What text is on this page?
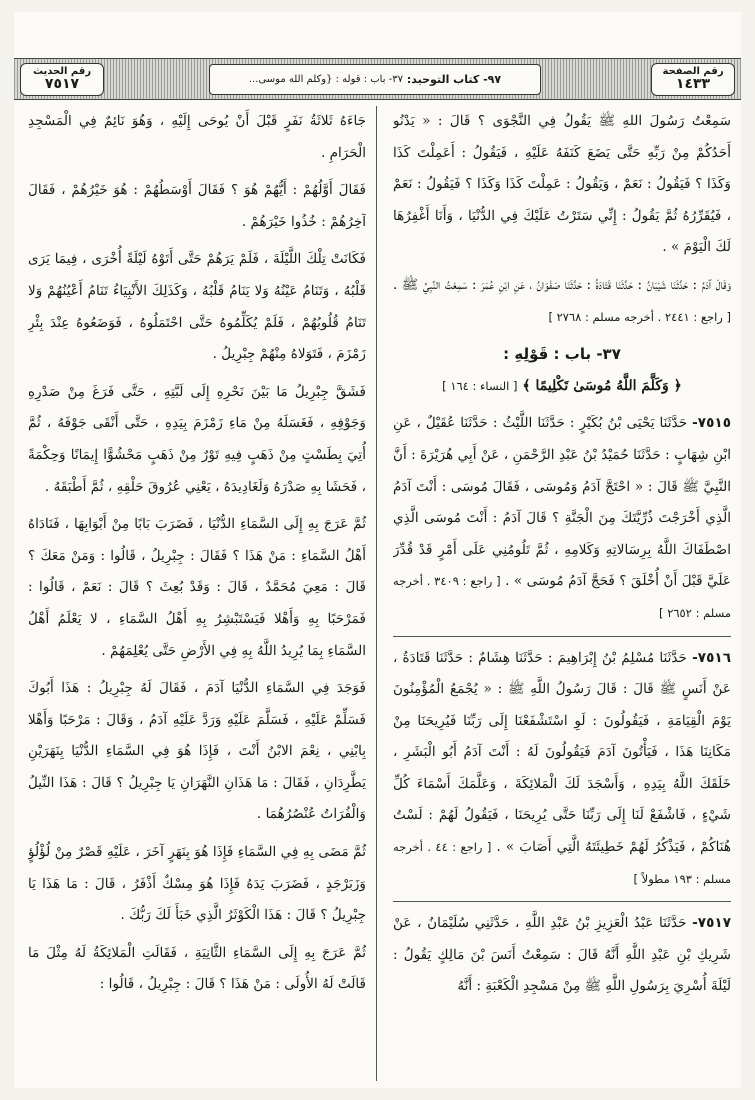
رقم الصفحة
١٤٣٣
٩٧- كتاب التوحيد:

٣٧- باب : قوله : {وكلم الله موسى...
رقم الحديث
٧٥١٧

سَمِعْتُ رَسُولَ اللهِ ﷺ يَقُولُ فِي النَّجْوَى ؟ قَالَ : « يَدْنُو أَحَدُكُمْ مِنْ رَبِّهِ حَتَّى يَضَعَ كَنَفَهُ عَلَيْهِ ، فَيَقُولُ : أَعَمِلْتَ كَذَا وَكَذَا ؟ فَيَقُولُ : نَعَمْ ، وَيَقُولُ : عَمِلْتَ كَذَا وَكَذَا ؟ فَيَقُولُ : نَعَمْ ، فَيُقَرِّرُهُ ثُمَّ يَقُولُ : إِنِّي سَتَرْتُ عَلَيْكَ فِي الدُّنْيَا ، وَأَنَا أَغْفِرُهَا لَكَ الْيَوْمَ » .

وَقَالَ آدَمُ : حَدَّثَنَا شَيْبَانُ : حَدَّثَنَا قَتَادَةُ : حَدَّثَنَا صَفْوَانُ ، عَنِ ابْنِ عُمَرَ : سَمِعْتُ النَّبِيَّ ﷺ . [ راجع : ٢٤٤١ . أخرجه مسلم : ٢٧٦٨ ]

٣٧- باب : قَوْلِهِ :
﴿ وَكَلَّمَ اللَّهُ مُوسَىٰ تَكْلِيمًا ﴾ [ النساء : ١٦٤ ]

٧٥١٥- حَدَّثَنَا يَحْيَى بْنُ بُكَيْرٍ : حَدَّثَنَا اللَّيْثُ : حَدَّثَنَا عُقَيْلٌ ، عَنِ ابْنِ شِهَابٍ : حَدَّثَنَا حُمَيْدُ بْنُ عَبْدِ الرَّحْمَنِ ، عَنْ أَبِي هُرَيْرَةَ : أَنَّ النَّبِيَّ ﷺ قَالَ : « احْتَجَّ آدَمُ وَمُوسَى ، فَقَالَ مُوسَى : أَنْتَ آدَمُ الَّذِي أَخْرَجْتَ ذُرِّيَّتَكَ مِنَ الْجَنَّةِ ؟ قَالَ آدَمُ : أَنْتَ مُوسَى الَّذِي اصْطَفَاكَ اللَّهُ بِرِسَالاتِهِ وَكَلامِهِ ، ثُمَّ تَلُومُنِي عَلَى أَمْرٍ قَدْ قُدِّرَ عَلَيَّ قَبْلَ أَنْ أُخْلَقَ ؟ فَحَجَّ آدَمُ مُوسَى » . [ راجع : ٣٤٠٩ . أخرجه مسلم : ٢٦٥٢ ]

٧٥١٦- حَدَّثَنَا مُسْلِمُ بْنُ إِبْرَاهِيمَ : حَدَّثَنَا هِشَامٌ : حَدَّثَنَا قَتَادَةُ ، عَنْ أَنَسٍ ﷺ قَالَ : قَالَ رَسُولُ اللَّهِ ﷺ : « يُجْمَعُ الْمُؤْمِنُونَ يَوْمَ الْقِيَامَةِ ، فَيَقُولُونَ : لَوِ اسْتَشْفَعْنَا إِلَى رَبِّنَا فَيُرِيحَنَا مِنْ مَكَانِنَا هَذَا ، فَيَأْتُونَ آدَمَ فَيَقُولُونَ لَهُ : أَنْتَ آدَمُ أَبُو الْبَشَرِ ، خَلَقَكَ اللَّهُ بِيَدِهِ ، وَأَسْجَدَ لَكَ الْمَلائِكَةَ ، وَعَلَّمَكَ أَسْمَاءَ كُلِّ شَيْءٍ ، فَاشْفَعْ لَنَا إِلَى رَبِّنَا حَتَّى يُرِيحَنَا ، فَيَقُولُ لَهُمْ : لَسْتُ هُنَاكُمْ ، فَيَذْكُرُ لَهُمْ خَطِيئَتَهُ الَّتِي أَصَابَ » . [ راجع : ٤٤ . أخرجه مسلم : ١٩٣ مطولاً ]

٧٥١٧- حَدَّثَنَا عَبْدُ الْعَزِيزِ بْنُ عَبْدِ اللَّهِ ، حَدَّثَنِي سُلَيْمَانُ ، عَنْ شَرِيكِ بْنِ عَبْدِ اللَّهِ أَنَّهُ قَالَ : سَمِعْتُ أَنَسَ بْنَ مَالِكٍ يَقُولُ : لَيْلَةَ أُسْرِيَ بِرَسُولِ اللَّهِ ﷺ مِنْ مَسْجِدِ الْكَعْبَةِ : أَنَّهُ

جَاءَهُ ثَلاثَةُ نَفَرٍ قَبْلَ أَنْ يُوحَى إِلَيْهِ ، وَهُوَ نَائِمٌ فِي الْمَسْجِدِ الْحَرَامِ .

فَقَالَ أَوَّلُهُمْ : أَيُّهُمْ هُوَ ؟ فَقَالَ أَوْسَطُهُمْ : هُوَ خَيْرُهُمْ ، فَقَالَ آخِرُهُمْ : خُذُوا خَيْرَهُمْ .

فَكَانَتْ تِلْكَ اللَّيْلَةَ ، فَلَمْ يَرَهُمْ حَتَّى أَتَوْهُ لَيْلَةً أُخْرَى ، فِيمَا يَرَى قَلْبُهُ ، وَتَنَامُ عَيْنُهُ وَلا يَنَامُ قَلْبُهُ ، وَكَذَلِكَ الأَنْبِيَاءُ تَنَامُ أَعْيُنُهُمْ وَلا تَنَامُ قُلُوبُهُمْ ، فَلَمْ يُكَلِّمُوهُ حَتَّى احْتَمَلُوهُ ، فَوَضَعُوهُ عِنْدَ بِئْرِ زَمْزَمَ ، فَتَوَلاهُ مِنْهُمْ جِبْرِيلُ .

فَشَقَّ جِبْرِيلُ مَا بَيْنَ نَحْرِهِ إِلَى لَبَّتِهِ ، حَتَّى فَرَغَ مِنْ صَدْرِهِ وَجَوْفِهِ ، فَغَسَلَهُ مِنْ مَاءِ زَمْزَمَ بِيَدِهِ ، حَتَّى أَنْقَى جَوْفَهُ ، ثُمَّ أُتِيَ بِطَسْتٍ مِنْ ذَهَبٍ فِيهِ تَوْرٌ مِنْ ذَهَبٍ مَحْشُوًّا إِيمَانًا وَحِكْمَةً ، فَحَشَا بِهِ صَدْرَهُ وَلَغَادِيدَهُ ، يَعْنِي عُرُوقَ حَلْقِهِ ، ثُمَّ أَطْبَقَهُ .

ثُمَّ عَرَجَ بِهِ إِلَى السَّمَاءِ الدُّنْيَا ، فَضَرَبَ بَابًا مِنْ أَبْوَابِهَا ، فَنَادَاهُ أَهْلُ السَّمَاءِ : مَنْ هَذَا ؟ فَقَالَ : جِبْرِيلُ ، قَالُوا : وَمَنْ مَعَكَ ؟ قَالَ : مَعِيَ مُحَمَّدٌ ، قَالَ : وَقَدْ بُعِثَ ؟ قَالَ : نَعَمْ ، قَالُوا : فَمَرْحَبًا بِهِ وَأَهْلا فَيَسْتَبْشِرُ بِهِ أَهْلُ السَّمَاءِ ، لا يَعْلَمُ أَهْلُ السَّمَاءِ بِمَا يُرِيدُ اللَّهُ بِهِ فِي الأَرْضِ حَتَّى يُعْلِمَهُمْ .

فَوَجَدَ فِي السَّمَاءِ الدُّنْيَا آدَمَ ، فَقَالَ لَهُ جِبْرِيلُ : هَذَا أَبُوكَ فَسَلِّمْ عَلَيْهِ ، فَسَلَّمَ عَلَيْهِ وَرَدَّ عَلَيْهِ آدَمُ ، وَقَالَ : مَرْحَبًا وَأَهْلا بِابْنِي ، نِعْمَ الابْنُ أَنْتَ ، فَإِذَا هُوَ فِي السَّمَاءِ الدُّنْيَا بِنَهَرَيْنِ يَطَّرِدَانِ ، فَقَالَ : مَا هَذَانِ النَّهَرَانِ يَا جِبْرِيلُ ؟ قَالَ : هَذَا النِّيلُ وَالْفُرَاتُ عُنْصُرُهُمَا .

ثُمَّ مَضَى بِهِ فِي السَّمَاءِ فَإِذَا هُوَ بِنَهَرٍ آخَرَ ، عَلَيْهِ قَصْرٌ مِنْ لُؤْلُؤٍ وَزَبَرْجَدٍ ، فَضَرَبَ يَدَهُ فَإِذَا هُوَ مِسْكٌ أَذْفَرُ ، قَالَ : مَا هَذَا يَا جِبْرِيلُ ؟ قَالَ : هَذَا الْكَوْثَرُ الَّذِي خَبَأَ لَكَ رَبُّكَ .

ثُمَّ عَرَجَ بِهِ إِلَى السَّمَاءِ الثَّانِيَةِ ، فَقَالَتِ الْمَلائِكَةُ لَهُ مِثْلَ مَا قَالَتْ لَهُ الأُولَى : مَنْ هَذَا ؟ قَالَ : جِبْرِيلُ ، قَالُوا :
